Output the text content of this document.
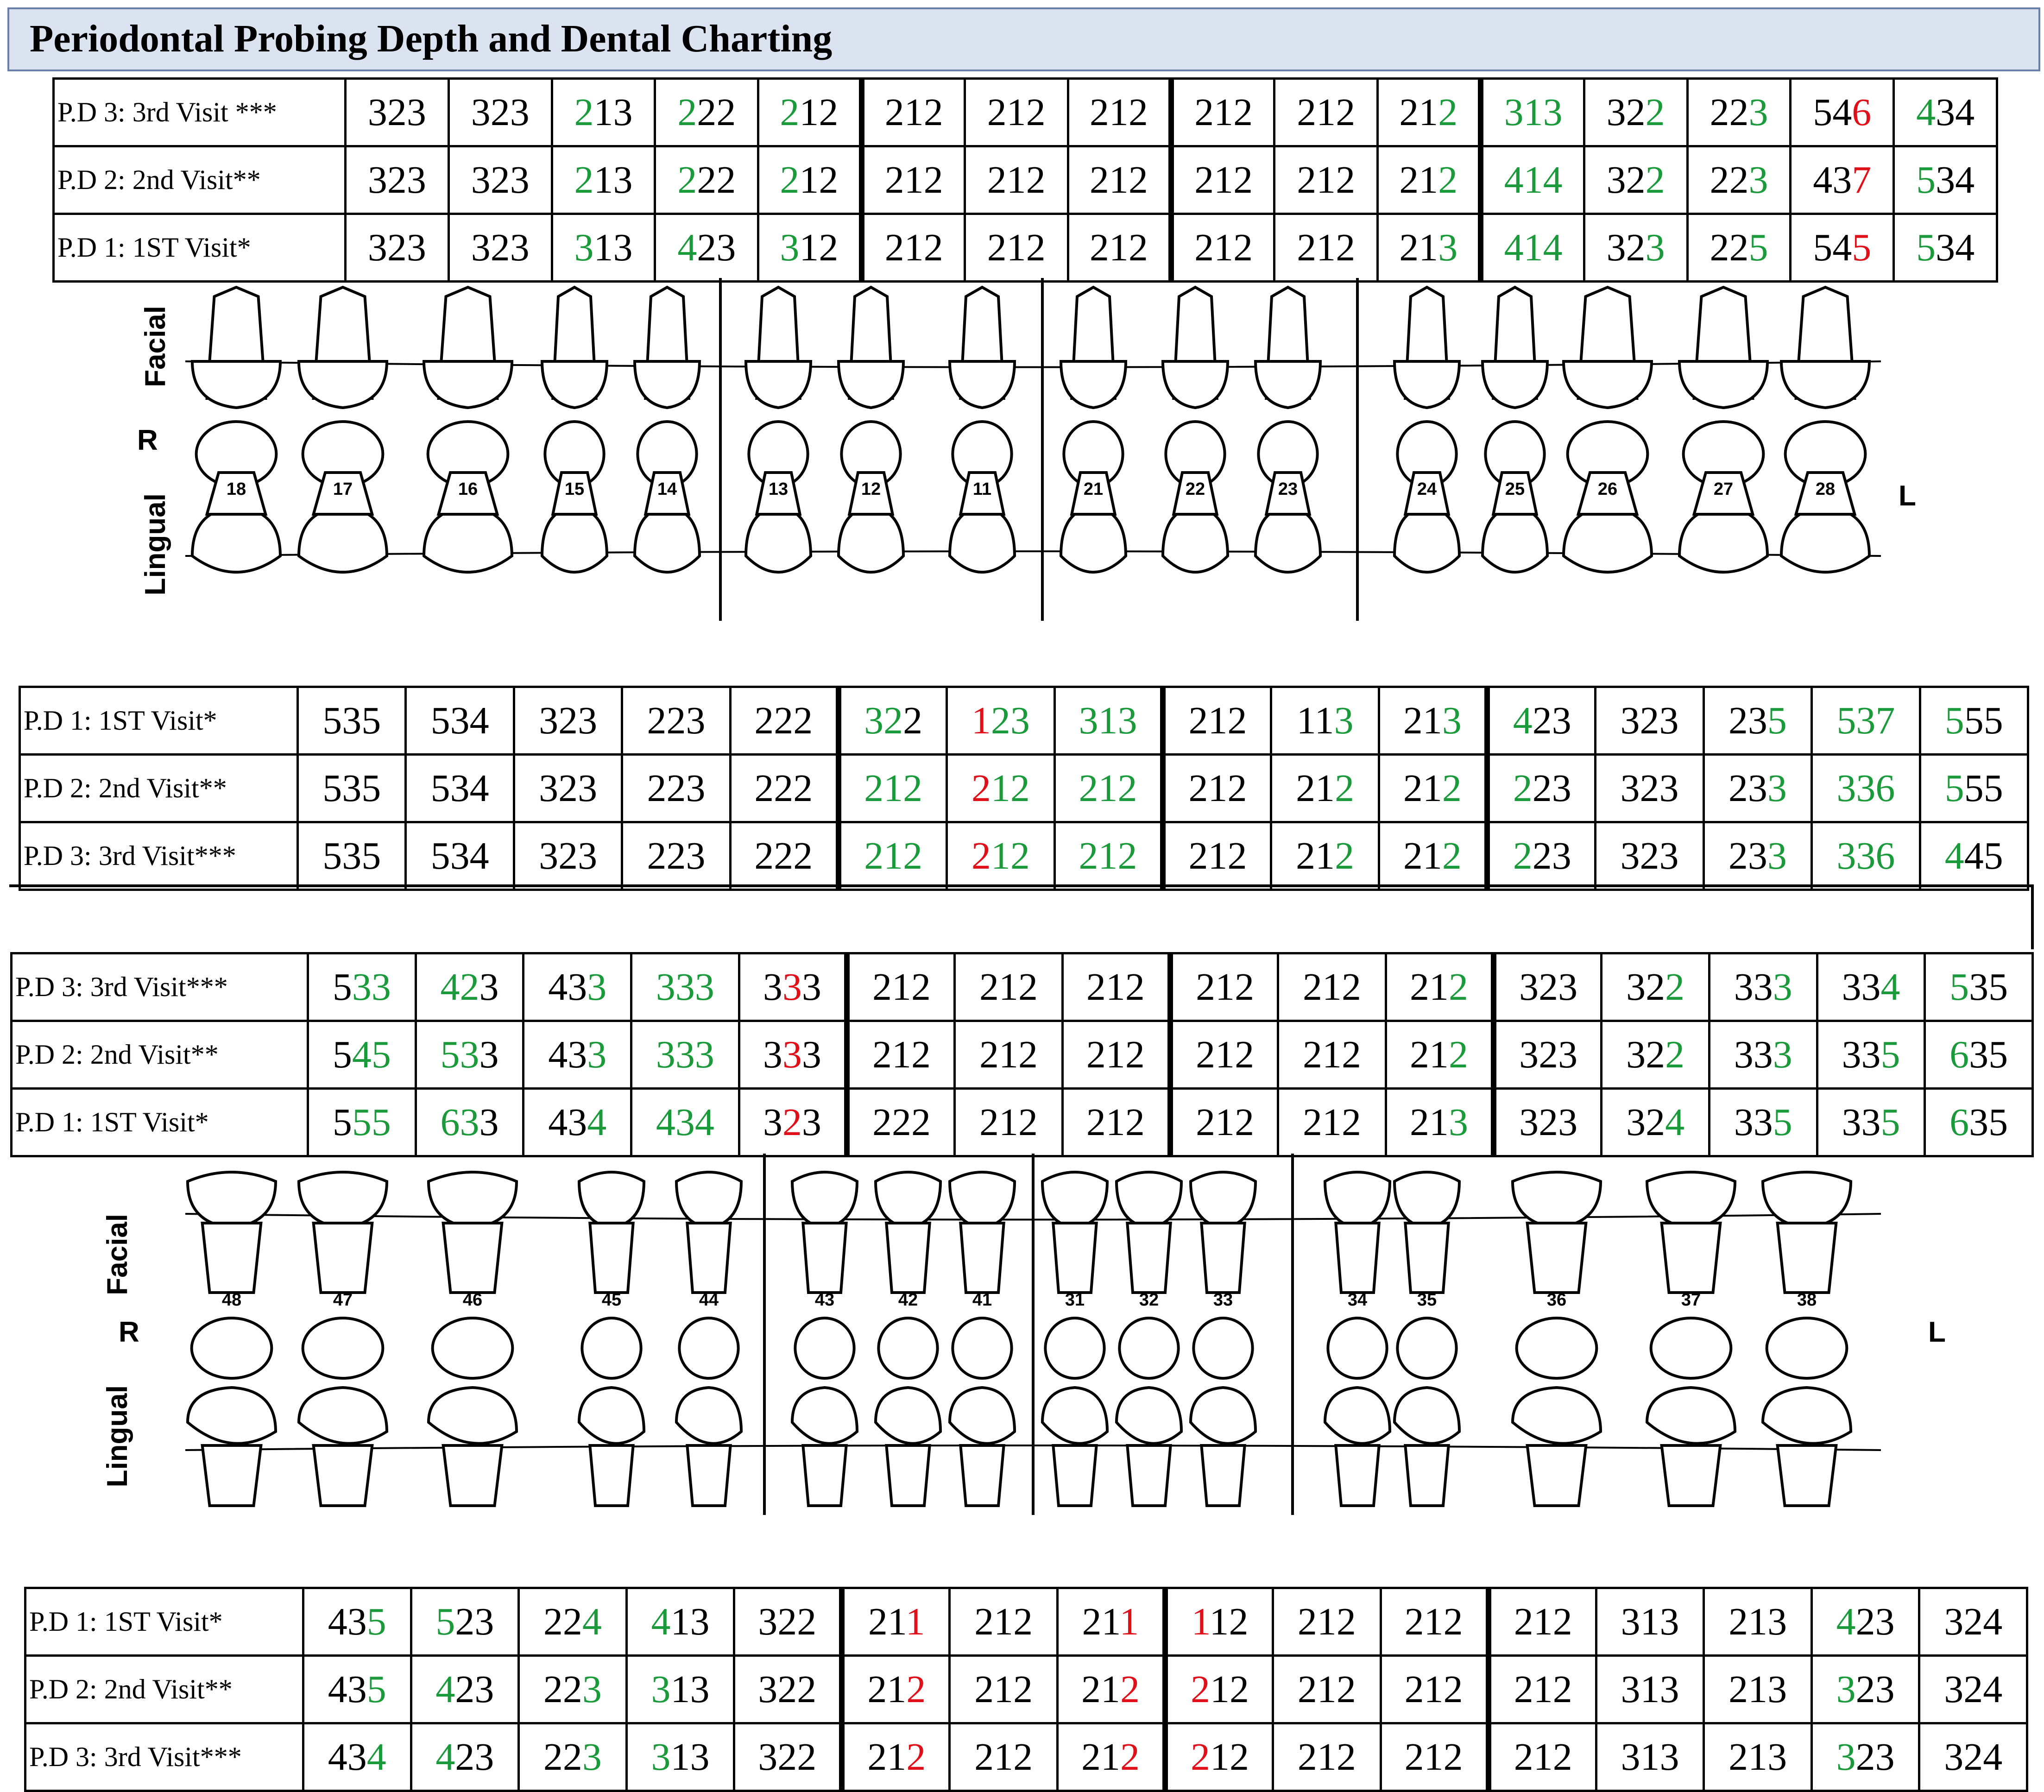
Periodontal Probing Depth and Dental Charting
P.D 3: 3rd Visit ***	323	323	213	222	212	212	212	212	212	212	212	313	322	223	546	434
P.D 2: 2nd Visit**	323	323	213	222	212	212	212	212	212	212	212	414	322	223	437	534
P.D 1: 1ST Visit*	323	323	313	423	312	212	212	212	212	212	213	414	323	225	545	534
Facial
R
Lingual	L
18	17	16	15	14	13	12	11	21	22	23	24	25	26	27	28
P.D 1: 1ST Visit*	535	534	323	223	222	322	123	313	212	113	213	423	323	235	537	555
P.D 2: 2nd Visit**	535	534	323	223	222	212	212	212	212	212	212	223	323	233	336	555
P.D 3: 3rd Visit***	535	534	323	223	222	212	212	212	212	212	212	223	323	233	336	445
P.D 3: 3rd Visit***	533	423	433	333	333	212	212	212	212	212	212	323	322	333	334	535
P.D 2: 2nd Visit**	545	533	433	333	333	212	212	212	212	212	212	323	322	333	335	635
P.D 1: 1ST Visit*	555	633	434	434	323	222	212	212	212	212	213	323	324	335	335	635
Facial
R
Lingual
L
48	47	46	45	44	43	42	41	31	32	33	34	35	36	37	38
P.D 1: 1ST Visit*	435	523	224	413	322	211	212	211	112	212	212	212	313	213	423	324
P.D 2: 2nd Visit**	435	423	223	313	322	212	212	212	212	212	212	212	313	213	323	324
P.D 3: 3rd Visit***	434	423	223	313	322	212	212	212	212	212	212	212	313	213	323	324
